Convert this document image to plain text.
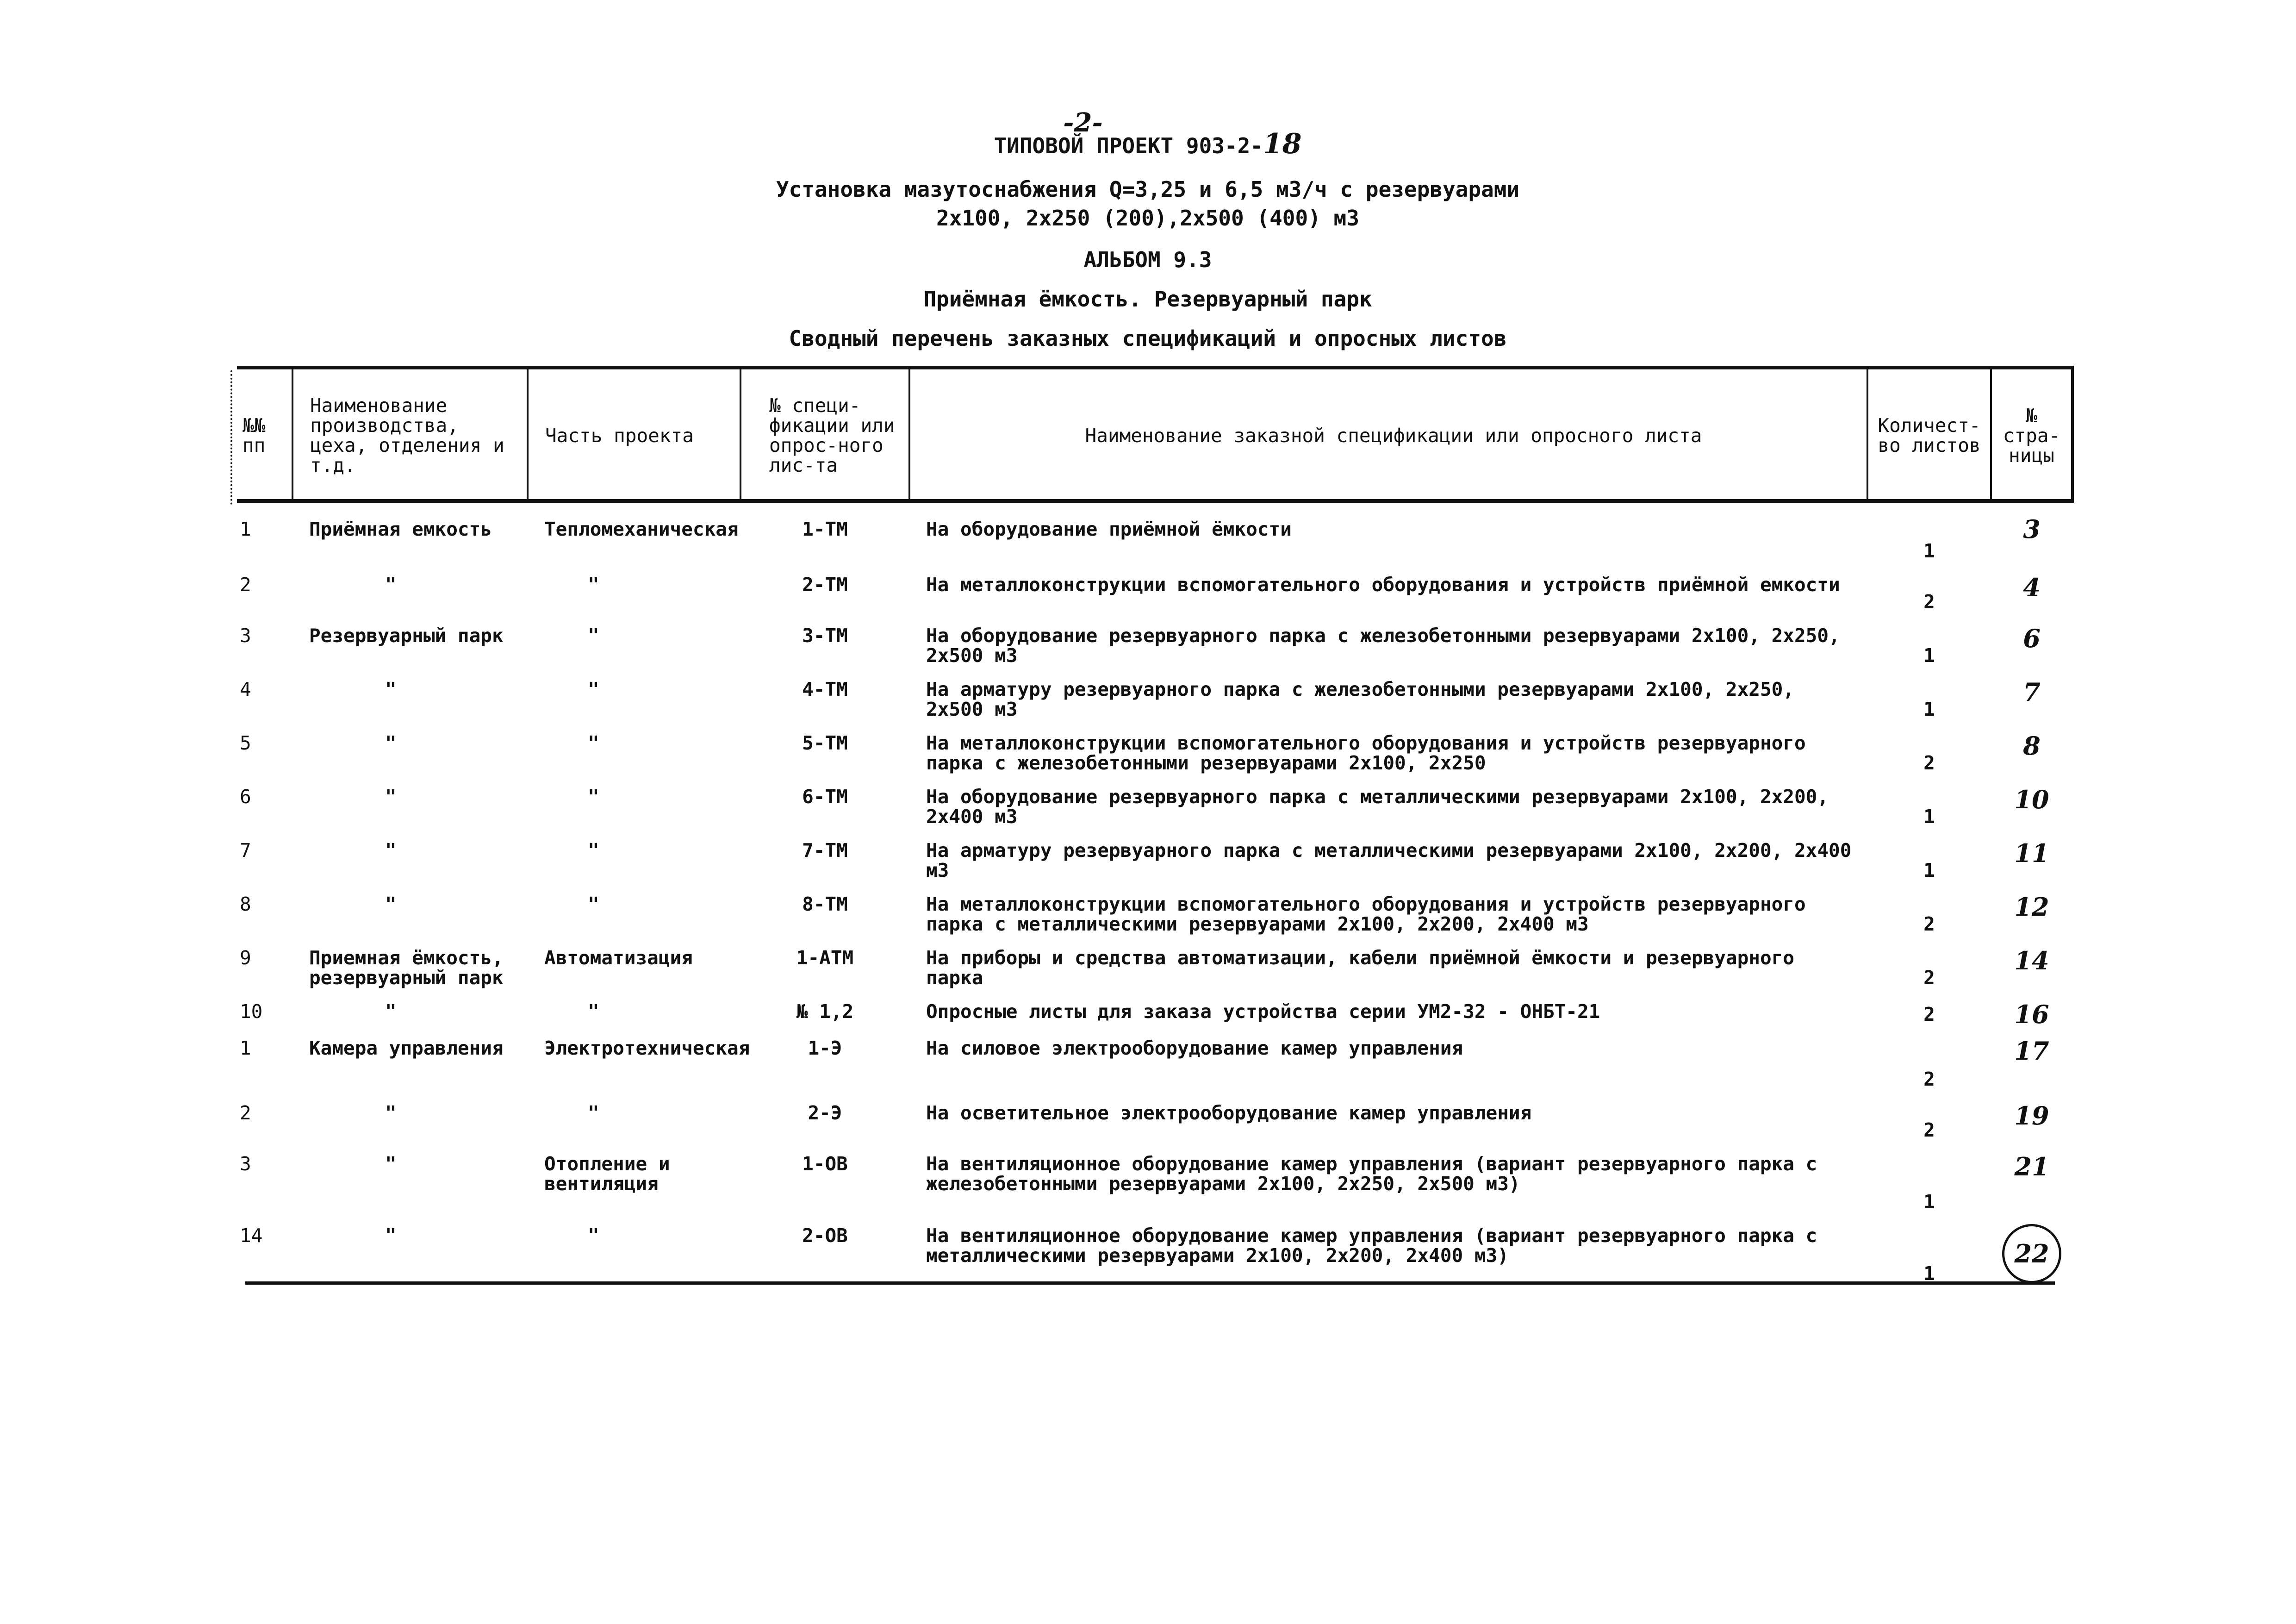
-2-
ТИПОВОЙ ПРОЕКТ 903-2-18
Установка мазутоснабжения Q=3,25 и 6,5 м3/ч с резервуарами
2х100, 2х250 (200),2х500 (400) м3
АЛЬБОМ 9.3
Приёмная ёмкость. Резервуарный парк
Сводный перечень заказных спецификаций и опросных листов
№№ пп	Наименование производства, цеха, отделения и т.д.	Часть проекта	№ специ-фикации или опрос-ного лис-та	Наименование заказной спецификации или опросного листа	Количест-во листов	№ стра-ницы
1	Приёмная емкость	Тепломеханическая	1-ТМ	На оборудование приёмной ёмкости	1	3
2	"	"	2-ТМ	На металлоконструкции вспомогательного оборудования и устройств приёмной емкости	2	4
3	Резервуарный парк	"	3-ТМ	На оборудование резервуарного парка с железобетонными резервуарами 2х100, 2х250, 2х500 м3	1	6
4	"	"	4-ТМ	На арматуру резервуарного парка с железобетонными резервуарами 2х100, 2х250, 2х500 м3	1	7
5	"	"	5-ТМ	На металлоконструкции вспомогательного оборудования и устройств резервуарного парка с железобетонными резервуарами 2х100, 2х250	2	8
6	"	"	6-ТМ	На оборудование резервуарного парка с металлическими резервуарами 2х100, 2х200, 2х400 м3	1	10
7	"	"	7-ТМ	На арматуру резервуарного парка с металлическими резервуарами 2х100, 2х200, 2х400 м3	1	11
8	"	"	8-ТМ	На металлоконструкции вспомогательного оборудования и устройств резервуарного парка с металлическими резервуарами 2х100, 2х200, 2х400 м3	2	12
9	Приемная ёмкость, резервуарный парк	Автоматизация	1-АТМ	На приборы и средства автоматизации, кабели приёмной ёмкости и резервуарного парка	2	14
10	"	"	№ 1,2	Опросные листы для заказа устройства серии УМ2-32 - ОНБТ-21	2	16
1	Камера управления	Электротехническая	1-Э	На силовое электрооборудование камер управления	2	17
2	"	"	2-Э	На осветительное электрооборудование камер управления	2	19
3	"	Отопление и вентиляция	1-ОВ	На вентиляционное оборудование камер управления (вариант резервуарного парка с железобетонными резервуарами 2х100, 2х250, 2х500 м3)	1	21
14	"	"	2-ОВ	На вентиляционное оборудование камер управления (вариант резервуарного парка с металлическими резервуарами 2х100, 2х200, 2х400 м3)	1	22
